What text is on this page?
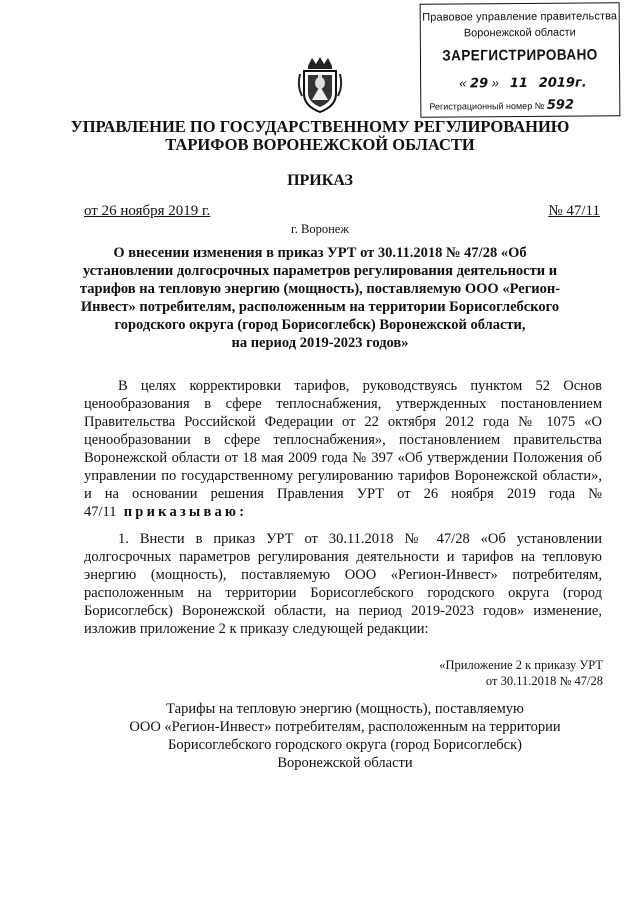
Правовое управление правительства
Воронежской области
ЗАРЕГИСТРИРОВАНО
« 29 » 11 2019г.
Регистрационный номер № 592
УПРАВЛЕНИЕ ПО ГОСУДАРСТВЕННОМУ РЕГУЛИРОВАНИЮ
ТАРИФОВ ВОРОНЕЖСКОЙ ОБЛАСТИ
ПРИКАЗ
от 26 ноября 2019 г.	№ 47/11
г. Воронеж
О внесении изменения в приказ УРТ от 30.11.2018 № 47/28 «Об
установлении долгосрочных параметров регулирования деятельности и
тарифов на тепловую энергию (мощность), поставляемую ООО «Регион-
Инвест» потребителям, расположенным на территории Борисоглебского
городского округа (город Борисоглебск) Воронежской области,
на период 2019-2023 годов»
В целях корректировки тарифов, руководствуясь пунктом 52 Основ ценообразования в сфере теплоснабжения, утвержденных постановлением Правительства Российской Федерации от 22 октября 2012 года № 1075 «О ценообразовании в сфере теплоснабжения», постановлением правительства Воронежской области от 18 мая 2009 года № 397 «Об утверждении Положения об управлении по государственному регулированию тарифов Воронежской области», и на основании решения Правления УРТ от 26 ноября 2019 года № 47/11 приказываю:
1. Внести в приказ УРТ от 30.11.2018 № 47/28 «Об установлении долгосрочных параметров регулирования деятельности и тарифов на тепловую энергию (мощность), поставляемую ООО «Регион-Инвест» потребителям, расположенным на территории Борисоглебского городского округа (город Борисоглебск) Воронежской области, на период 2019-2023 годов» изменение, изложив приложение 2 к приказу следующей редакции:
«Приложение 2 к приказу УРТ
от 30.11.2018 № 47/28
Тарифы на тепловую энергию (мощность), поставляемую
ООО «Регион-Инвест» потребителям, расположенным на территории
Борисоглебского городского округа (город Борисоглебск)
Воронежской области
